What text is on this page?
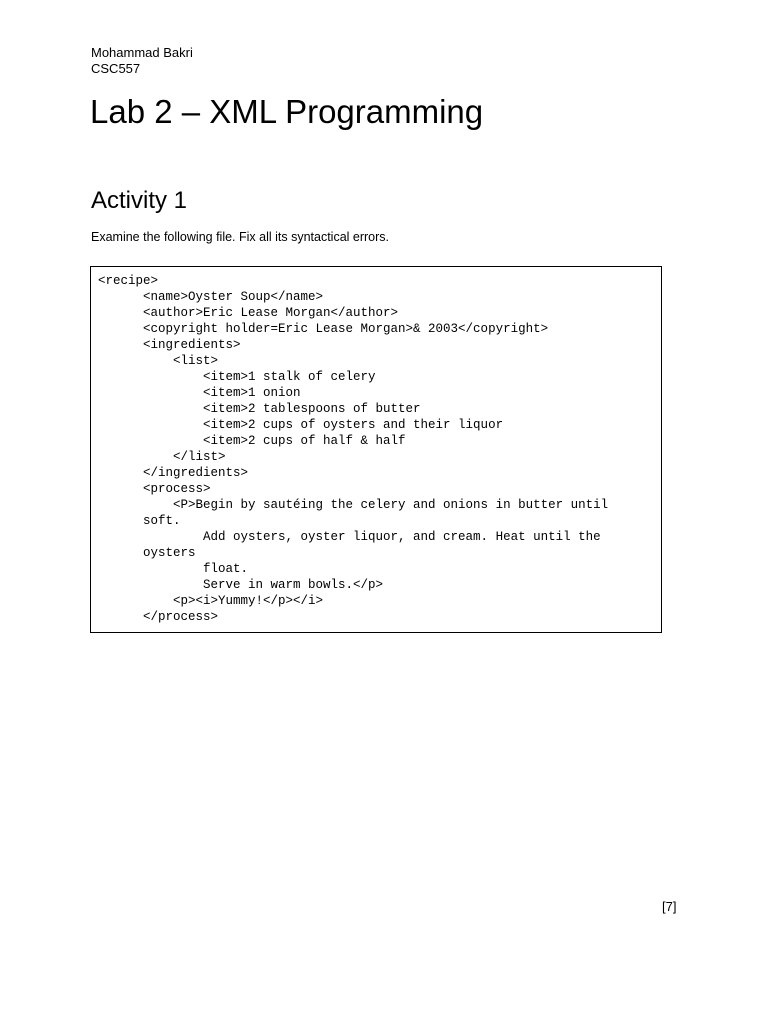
Mohammad Bakri
CSC557
Lab 2 – XML Programming
Activity 1

Examine the following file. Fix all its syntactical errors.

<recipe>
<name>Oyster Soup</name>
<author>Eric Lease Morgan</author>
<copyright holder=Eric Lease Morgan>& 2003</copyright>
<ingredients>
<list>
<item>1 stalk of celery
<item>1 onion
<item>2 tablespoons of butter
<item>2 cups of oysters and their liquor
<item>2 cups of half & half
</list>
</ingredients>
<process>
<P>Begin by sautéing the celery and onions in butter until
soft.
Add oysters, oyster liquor, and cream. Heat until the
oysters
float.
Serve in warm bowls.</p>
<p><i>Yummy!</p></i>
</process>
[7]
